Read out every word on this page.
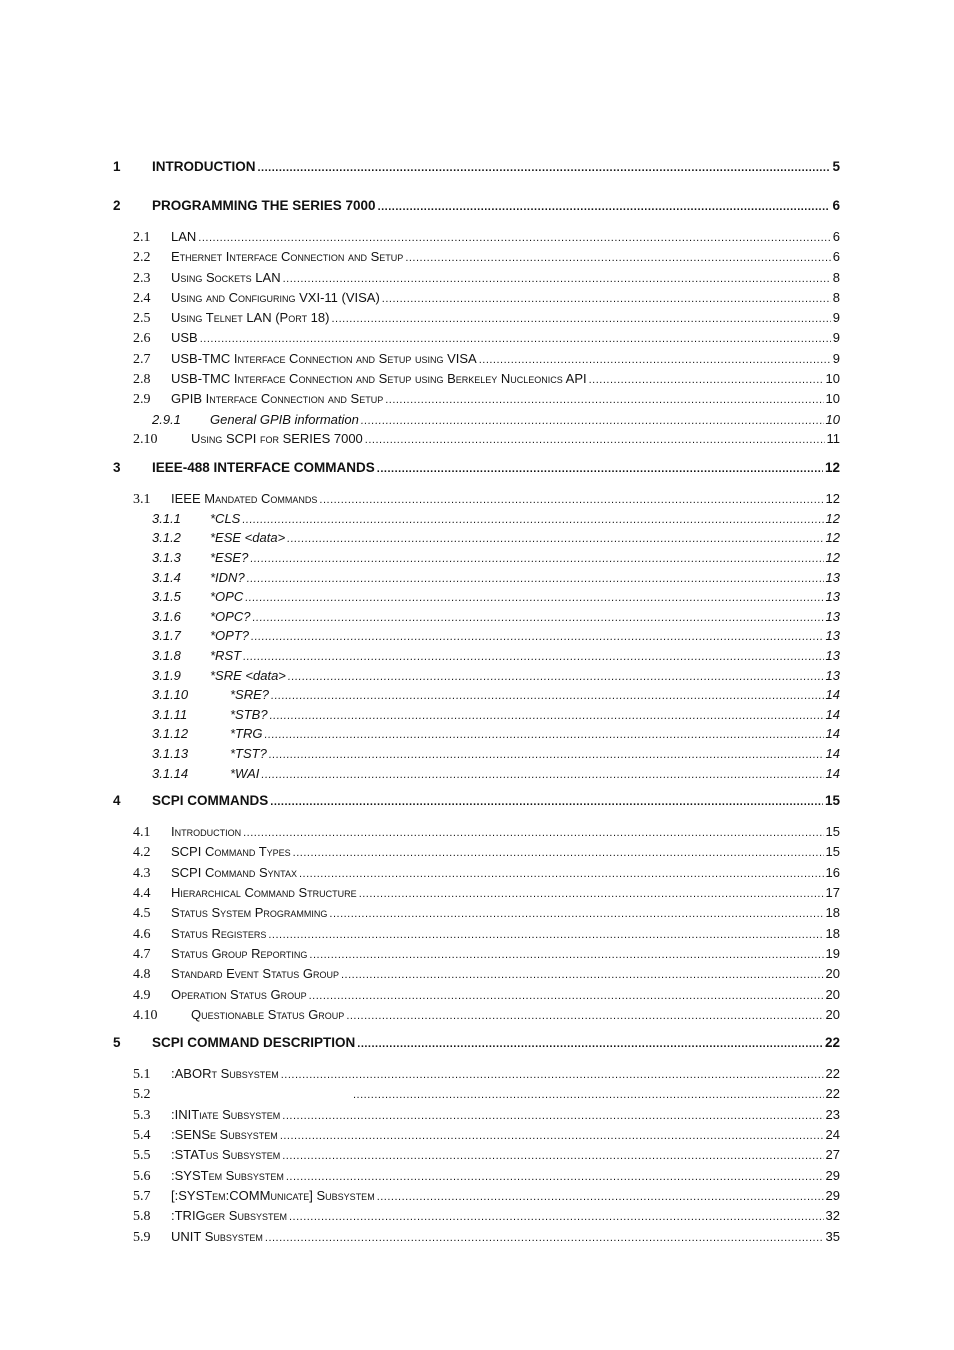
1	INTRODUCTION .....	5
2	PROGRAMMING THE SERIES 7000 .....	6
2.1	LAN .....	6
2.2	Ethernet Interface Connection and Setup .....	6
2.3	Using Sockets LAN .....	8
2.4	Using and Configuring VXI-11 (VISA) .....	8
2.5	Using Telnet LAN (Port 18) .....	9
2.6	USB .....	9
2.7	USB-TMC Interface Connection and Setup using VISA .....	9
2.8	USB-TMC Interface Connection and Setup using Berkeley Nucleonics API .....	10
2.9	GPIB Interface Connection and Setup .....	10
2.9.1	General GPIB information .....	10
2.10	Using SCPI for SERIES 7000 .....	11
3	IEEE-488 INTERFACE COMMANDS .....	12
3.1	IEEE Mandated Commands .....	12
3.1.1	*CLS .....	12
3.1.2	*ESE <data> .....	12
3.1.3	*ESE? .....	12
3.1.4	*IDN? .....	13
3.1.5	*OPC .....	13
3.1.6	*OPC? .....	13
3.1.7	*OPT? .....	13
3.1.8	*RST .....	13
3.1.9	*SRE <data> .....	13
3.1.10	*SRE? .....	14
3.1.11	*STB? .....	14
3.1.12	*TRG .....	14
3.1.13	*TST? .....	14
3.1.14	*WAI .....	14
4	SCPI COMMANDS .....	15
4.1	Introduction .....	15
4.2	SCPI Command Types .....	15
4.3	SCPI Command Syntax .....	16
4.4	Hierarchical Command Structure .....	17
4.5	Status System Programming .....	18
4.6	Status Registers .....	18
4.7	Status Group Reporting .....	19
4.8	Standard Event Status Group .....	20
4.9	Operation Status Group .....	20
4.10	Questionable Status Group .....	20
5	SCPI COMMAND DESCRIPTION .....	22
5.1	:ABORt Subsystem .....	22
5.2 .....	22
5.3	:INITiate Subsystem .....	23
5.4	:SENSe Subsystem .....	24
5.5	:STATus Subsystem .....	27
5.6	:SYSTem Subsystem .....	29
5.7	[:SYSTem:COMMunicate] Subsystem .....	29
5.8	:TRIGger Subsystem .....	32
5.9	UNIT Subsystem .....	35
